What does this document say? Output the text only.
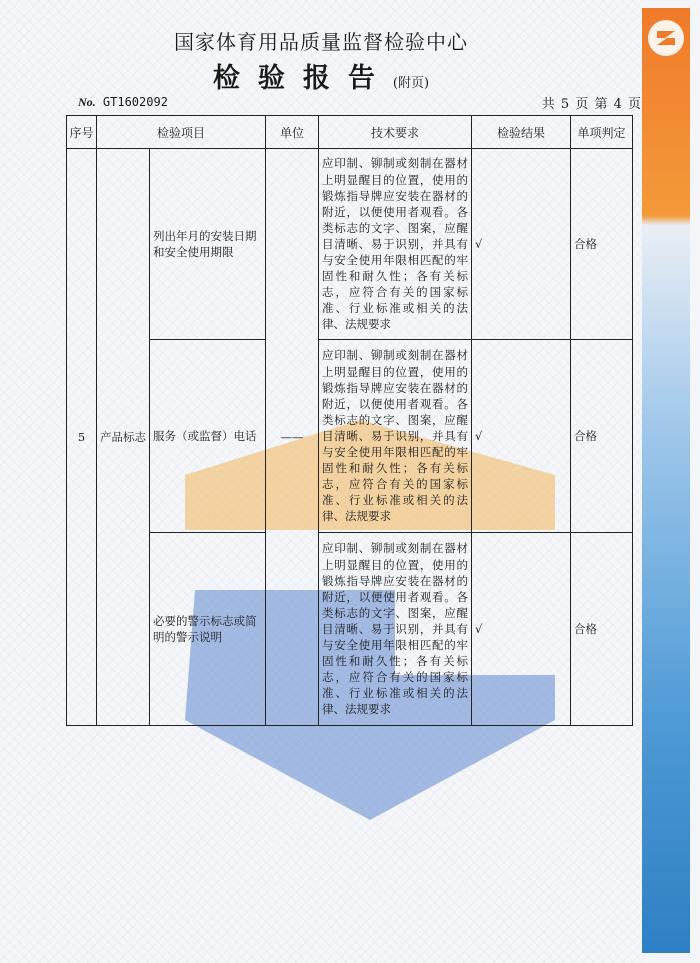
国家体育用品质量监督检验中心
检验报告(附页)
No. GT1602092	共 5 页 第 4 页
序号	检验项目		单位	技术要求	检验结果	单项判定
5	产品标志	列出年月的安装日期和安全使用期限	——	应印制、铆制或刻制在器材上明显醒目的位置，使用的锻炼指导牌应安装在器材的附近，以便使用者观看。各类标志的文字、图案，应醒目清晰、易于识别，并具有与安全使用年限相匹配的牢固性和耐久性；各有关标志，应符合有关的国家标准、行业标准或相关的法律、法规要求	√	合格
		服务（或监督）电话		应印制、铆制或刻制在器材上明显醒目的位置，使用的锻炼指导牌应安装在器材的附近，以便使用者观看。各类标志的文字、图案，应醒目清晰、易于识别，并具有与安全使用年限相匹配的牢固性和耐久性；各有关标志，应符合有关的国家标准、行业标准或相关的法律、法规要求	√	合格
		必要的警示标志或简明的警示说明		应印制、铆制或刻制在器材上明显醒目的位置，使用的锻炼指导牌应安装在器材的附近，以便使用者观看。各类标志的文字、图案，应醒目清晰、易于识别，并具有与安全使用年限相匹配的牢固性和耐久性；各有关标志，应符合有关的国家标准、行业标准或相关的法律、法规要求	√	合格
